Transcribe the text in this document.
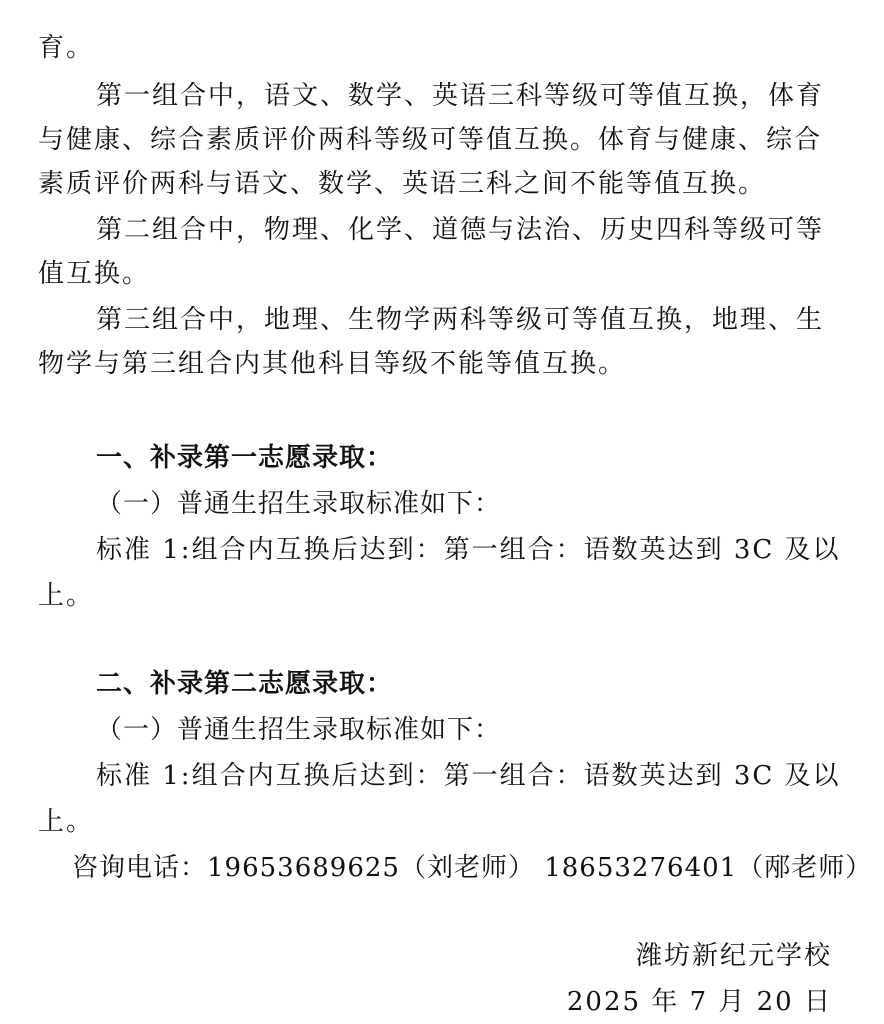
育。
第一组合中，语文、数学、英语三科等级可等值互换，体育
与健康、综合素质评价两科等级可等值互换。体育与健康、综合
素质评价两科与语文、数学、英语三科之间不能等值互换。
第二组合中，物理、化学、道德与法治、历史四科等级可等
值互换。
第三组合中，地理、生物学两科等级可等值互换，地理、生
物学与第三组合内其他科目等级不能等值互换。
一、补录第一志愿录取：
（一）普通生招生录取标准如下：
标准 1:组合内互换后达到：第一组合：语数英达到 3C 及以
上。
二、补录第二志愿录取：
（一）普通生招生录取标准如下：
标准 1:组合内互换后达到：第一组合：语数英达到 3C 及以
上。
咨询电话：19653689625（刘老师） 18653276401（邴老师）
潍坊新纪元学校
2025 年 7 月 20 日
